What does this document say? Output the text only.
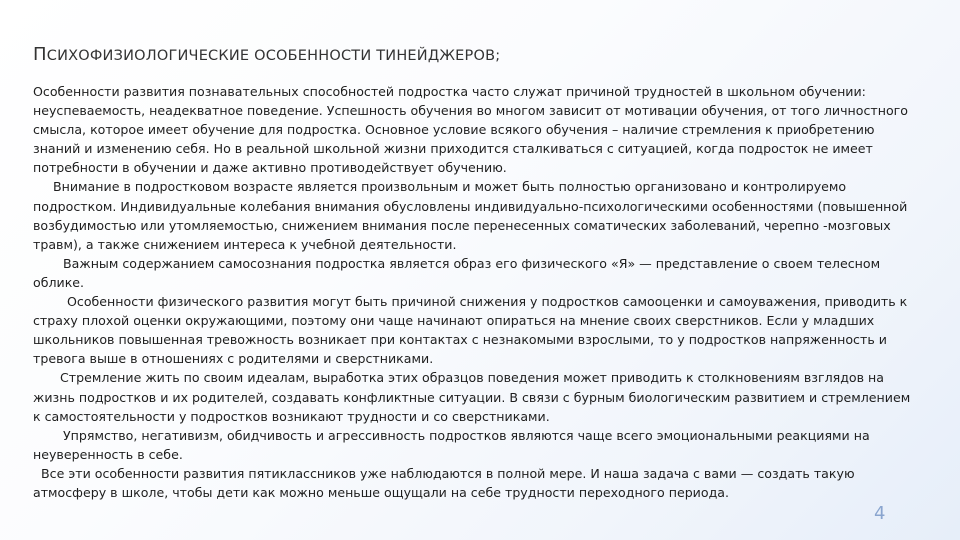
ПСИХОФИЗИОЛОГИЧЕСКИЕ ОСОБЕННОСТИ ТИНЕЙДЖЕРОВ;

Особенности развития познавательных способностей подростка часто служат причиной трудностей в школьном обучении: неуспеваемость, неадекватное поведение. Успешность обучения во многом зависит от мотивации обучения, от того личностного смысла, которое имеет обучение для подростка. Основное условие всякого обучения – наличие стремления к приобретению знаний и изменению себя. Но в реальной школьной жизни приходится сталкиваться с ситуацией, когда подросток не имеет потребности в обучении и даже активно противодействует обучению.

Внимание в подростковом возрасте является произвольным и может быть полностью организовано и контролируемо подростком. Индивидуальные колебания внимания обусловлены индивидуально-психологическими особенностями (повышенной возбудимостью или утомляемостью, снижением внимания после перенесенных соматических заболеваний, черепно -мозговых травм), а также снижением интереса к учебной деятельности.

Важным содержанием самосознания подростка является образ его физического «Я» — представление о своем телесном облике.

Особенности физического развития могут быть причиной снижения у подростков самооценки и самоуважения, приводить к страху плохой оценки окружающими, поэтому они чаще начинают опираться на мнение своих сверстников. Если у младших школьников повышенная тревожность возникает при контактах с незнакомыми взрослыми, то у подростков напряженность и тревога выше в отношениях с родителями и сверстниками.

Стремление жить по своим идеалам, выработка этих образцов поведения может приводить к столкновениям взглядов на жизнь подростков и их родителей, создавать конфликтные ситуации. В связи с бурным биологическим развитием и стремлением к самостоятельности у подростков возникают трудности и со сверстниками.

Упрямство, негативизм, обидчивость и агрессивность подростков являются чаще всего эмоциональными реакциями на неуверенность в себе.

Все эти особенности развития пятиклассников уже наблюдаются в полной мере. И наша задача с вами — создать такую атмосферу в школе, чтобы дети как можно меньше ощущали на себе трудности переходного периода.

4
